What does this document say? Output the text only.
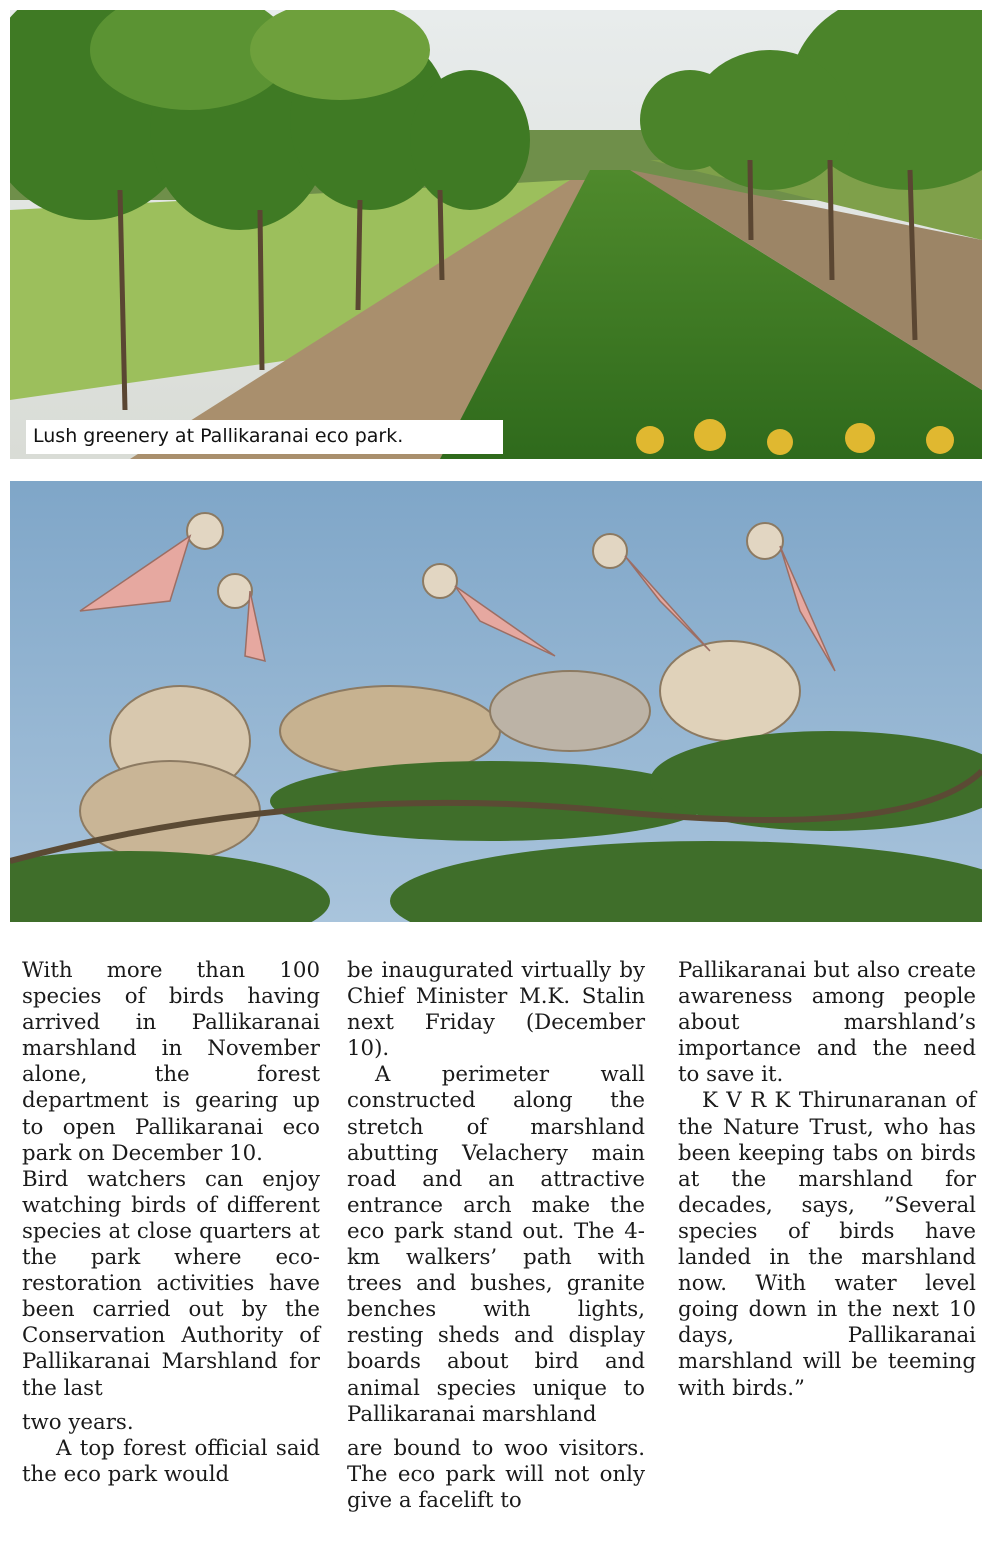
Lush greenery at Pallikaranai eco park.

With more than 100 species of birds having arrived in Pallikaranai marshland in November alone, the forest department is gearing up to open Pallikaranai eco park on December 10.

Bird watchers can enjoy watching birds of different species at close quarters at the park where eco-restoration activities have been carried out by the Conservation Authority of Pallikaranai Marshland for the last

two years.

A top forest official said the eco park would

be inaugurated virtually by Chief Minister M.K. Stalin next Friday (December 10).

A perimeter wall constructed along the stretch of marshland abutting Velachery main road and an attractive entrance arch make the eco park stand out. The 4-km walkers’ path with trees and bushes, granite benches with lights, resting sheds and display boards about bird and animal species unique to Pallikaranai marshland

are bound to woo visitors. The eco park will not only give a facelift to

Pallikaranai but also create awareness among people about marshland’s importance and the need to save it.

K V R K Thirunaranan of the Nature Trust, who has been keeping tabs on birds at the marshland for decades, says, ”Several species of birds have landed in the marshland now. With water level going down in the next 10 days, Pallikaranai marshland will be teeming with birds.”
